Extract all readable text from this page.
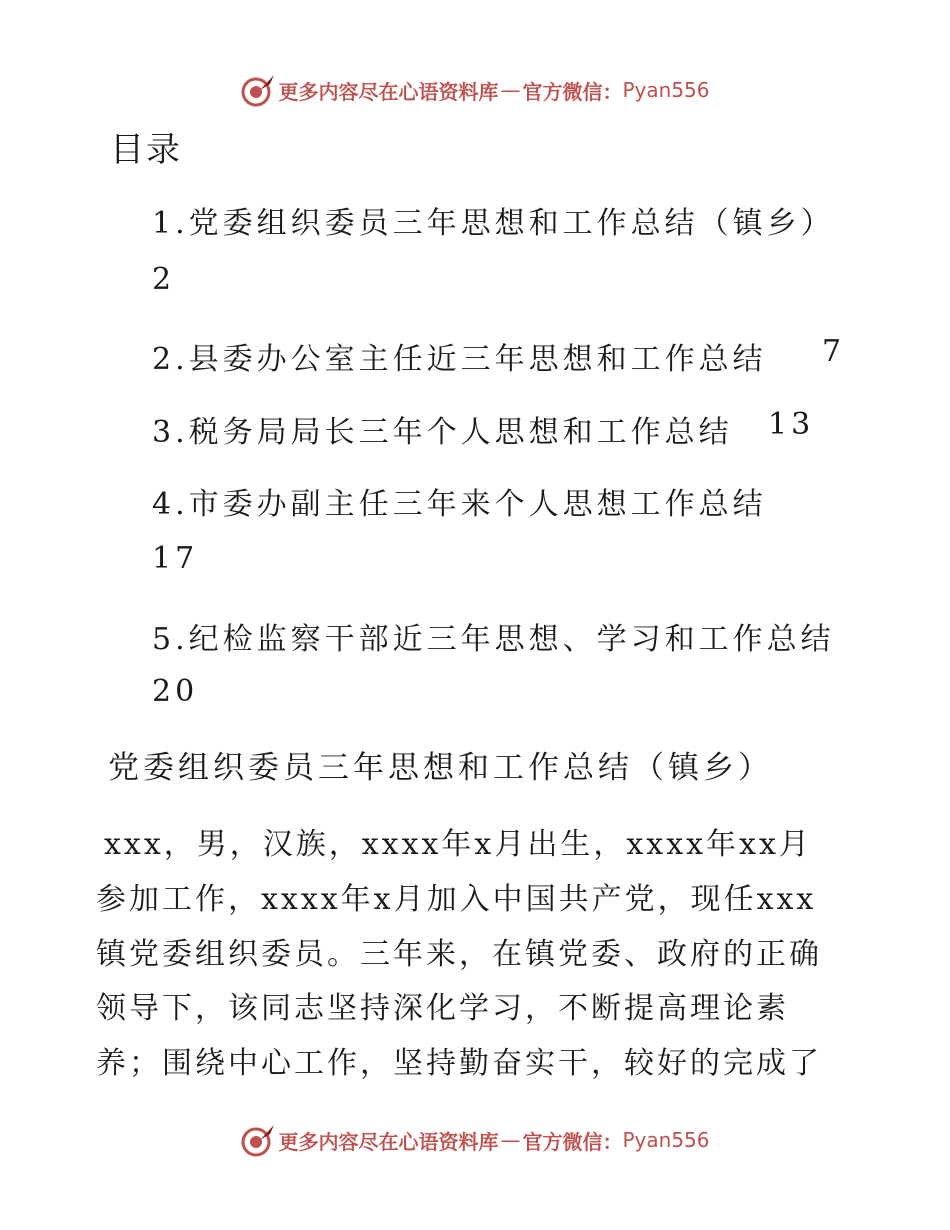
更多内容尽在心语资料库 — 官方微信： Pyan556
目录
1.党委组织委员三年思想和工作总结（镇乡）
2
2.县委办公室主任近三年思想和工作总结 7
3.税务局局长三年个人思想和工作总结 13
4.市委办副主任三年来个人思想工作总结
17
5.纪检监察干部近三年思想、学习和工作总结
20
党委组织委员三年思想和工作总结（镇乡）
xxx，男，汉族，xxxx年x月出生，xxxx年xx月
参加工作，xxxx年x月加入中国共产党，现任xxx
镇党委组织委员。三年来，在镇党委、政府的正确
领导下，该同志坚持深化学习，不断提高理论素
养；围绕中心工作，坚持勤奋实干，较好的完成了
更多内容尽在心语资料库 — 官方微信： Pyan556
